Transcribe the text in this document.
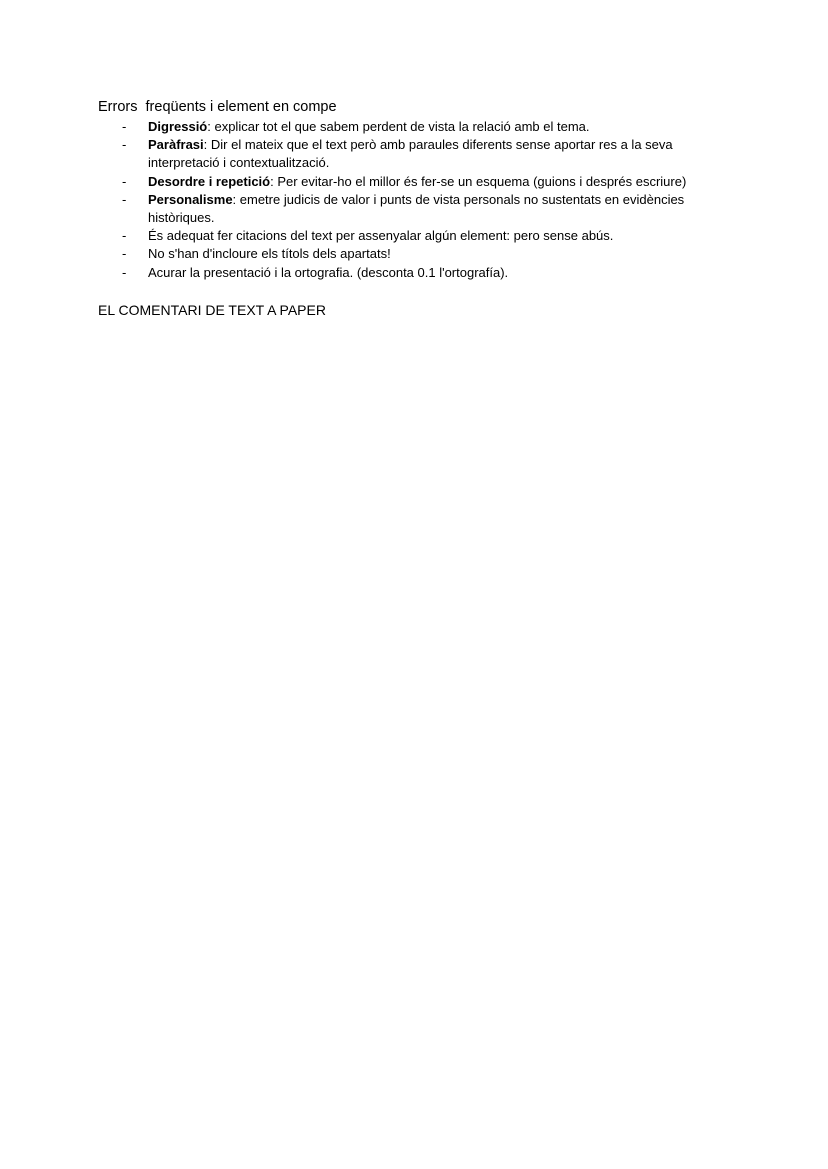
Errors  freqüents i element en compe
- Digressió: explicar tot el que sabem perdent de vista la relació amb el tema.
- Paràfrasi: Dir el mateix que el text però amb paraules diferents sense aportar res a la seva interpretació i contextualització.
- Desordre i repetició: Per evitar-ho el millor és fer-se un esquema (guions i després escriure)
- Personalisme: emetre judicis de valor i punts de vista personals no sustentats en evidències històriques.
- És adequat fer citacions del text per assenyalar algún element: pero sense abús.
- No s'han d'incloure els títols dels apartats!
- Acurar la presentació i la ortografia. (desconta 0.1 l'ortografía).
EL COMENTARI DE TEXT A PAPER
